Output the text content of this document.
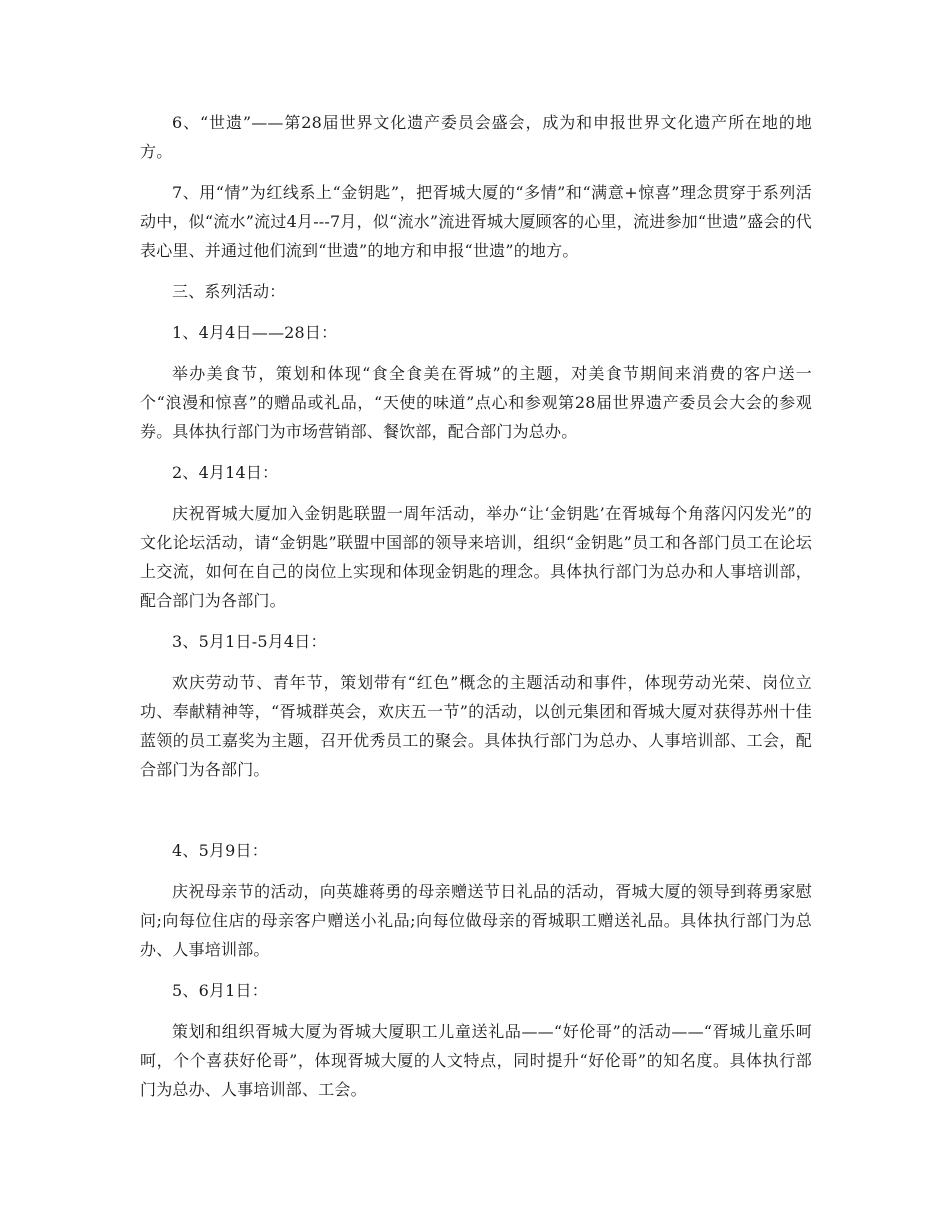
6、“世遗”——第28届世界文化遗产委员会盛会，成为和申报世界文化遗产所在地的地方。

7、用“情”为红线系上“金钥匙”，把胥城大厦的“多情”和“满意+惊喜”理念贯穿于系列活动中，似“流水”流过4月---7月，似“流水”流进胥城大厦顾客的心里，流进参加“世遗”盛会的代表心里、并通过他们流到“世遗”的地方和申报“世遗”的地方。

三、系列活动：

1、4月4日——28日：

举办美食节，策划和体现“食全食美在胥城”的主题，对美食节期间来消费的客户送一个“浪漫和惊喜”的赠品或礼品，“天使的味道”点心和参观第28届世界遗产委员会大会的参观券。具体执行部门为市场营销部、餐饮部，配合部门为总办。

2、4月14日：

庆祝胥城大厦加入金钥匙联盟一周年活动，举办“让‘金钥匙’在胥城每个角落闪闪发光”的文化论坛活动，请“金钥匙”联盟中国部的领导来培训，组织“金钥匙”员工和各部门员工在论坛上交流，如何在自己的岗位上实现和体现金钥匙的理念。具体执行部门为总办和人事培训部，配合部门为各部门。

3、5月1日-5月4日：

欢庆劳动节、青年节，策划带有“红色”概念的主题活动和事件，体现劳动光荣、岗位立功、奉献精神等，“胥城群英会，欢庆五一节”的活动，以创元集团和胥城大厦对获得苏州十佳蓝领的员工嘉奖为主题，召开优秀员工的聚会。具体执行部门为总办、人事培训部、工会，配合部门为各部门。

4、5月9日：

庆祝母亲节的活动，向英雄蒋勇的母亲赠送节日礼品的活动，胥城大厦的领导到蒋勇家慰问;向每位住店的母亲客户赠送小礼品;向每位做母亲的胥城职工赠送礼品。具体执行部门为总办、人事培训部。

5、6月1日：

策划和组织胥城大厦为胥城大厦职工儿童送礼品——“好伦哥”的活动——“胥城儿童乐呵呵，个个喜获好伦哥”，体现胥城大厦的人文特点，同时提升“好伦哥”的知名度。具体执行部门为总办、人事培训部、工会。
